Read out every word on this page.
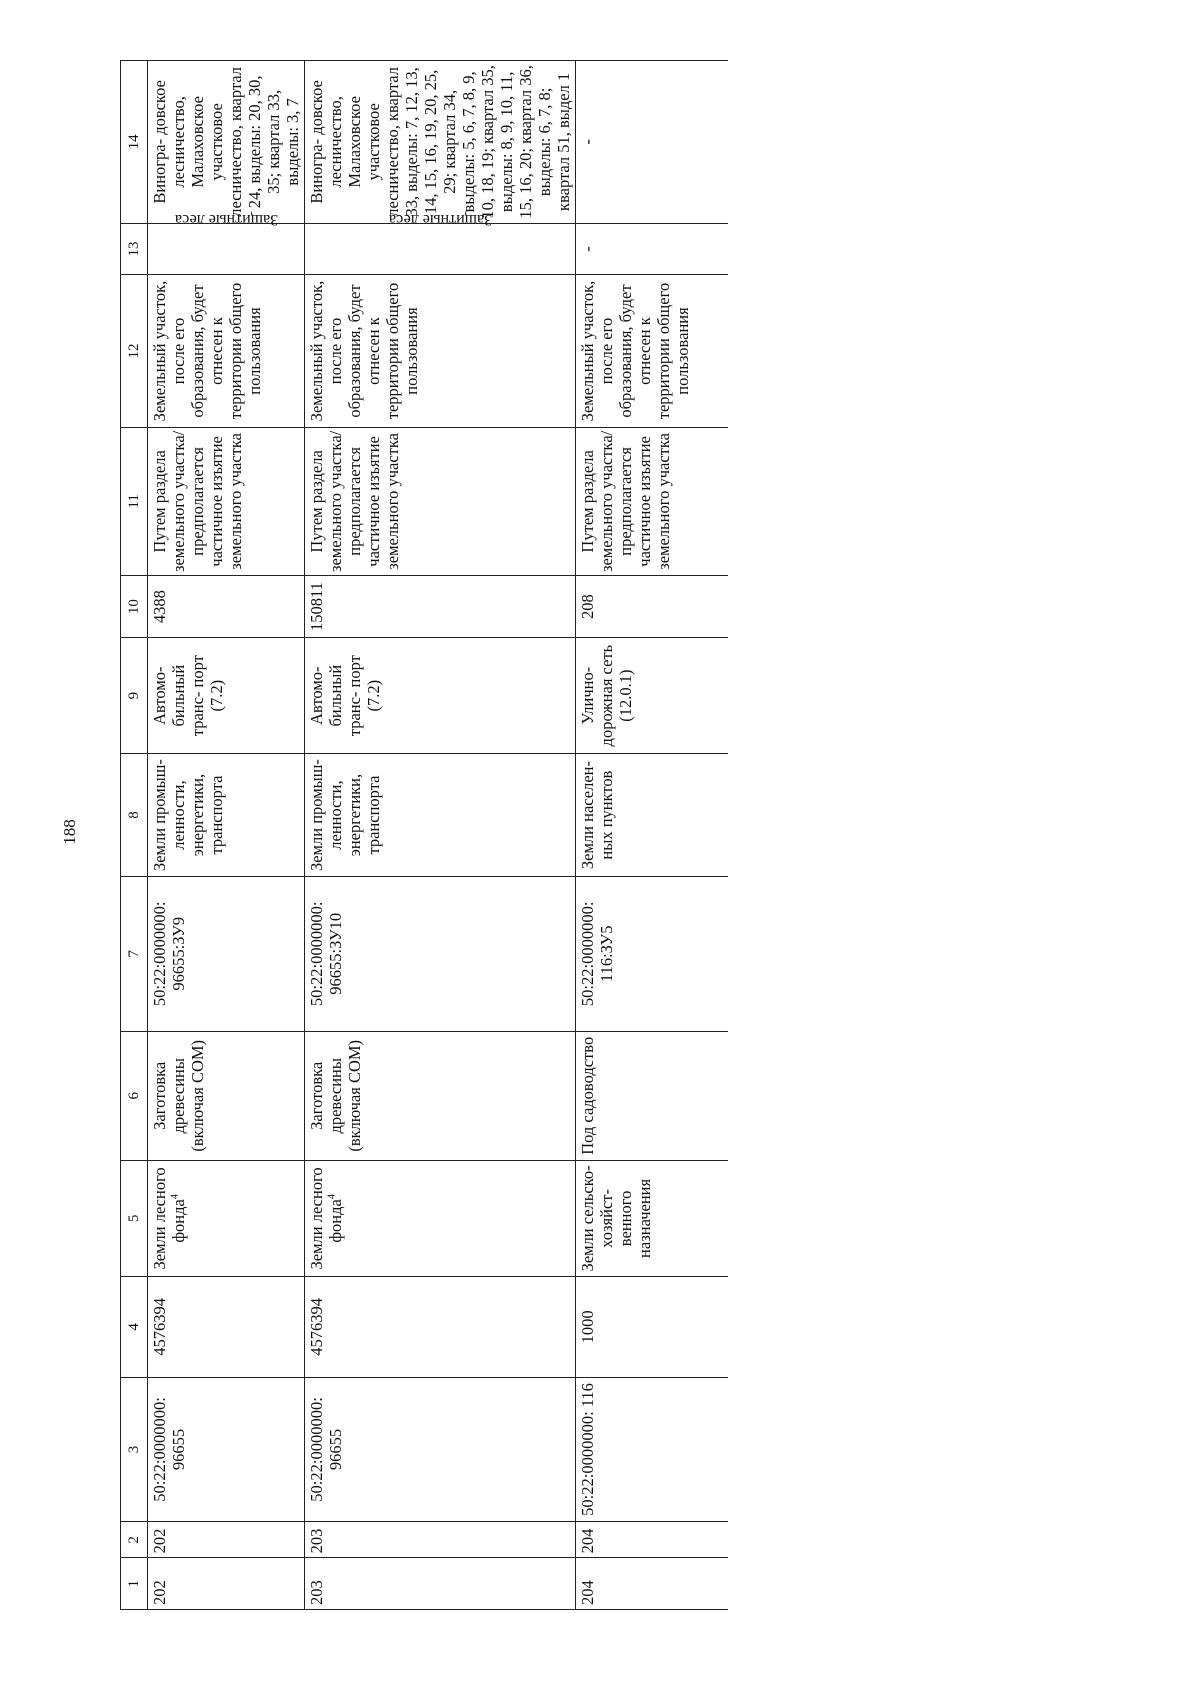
188
1	2	3	4	5	6	7	8	9	10	11	12	13	14
202	202	50:22:0000000: 96655	4576394	Земли лесного фонда$^4$	Заготовка древесины (включая СОМ)	50:22:0000000: 96655:ЗУ9	Земли промыш- ленности, энергетики, транспорта	Автомо- бильный транс- порт (7.2)	4388	Путем раздела земельного участка/ предполагается частичное изъятие земельного участка	Земельный участок, после его образования, будет отнесен к территории общего пользования	Защитные леса	Виногра- довское лесничество, Малаховское участковое лесничество, квартал 24, выделы: 20, 30, 35; квартал 33, выделы: 3, 7
203	203	50:22:0000000: 96655	4576394	Земли лесного фонда$^4$	Заготовка древесины (включая СОМ)	50:22:0000000: 96655:ЗУ10	Земли промыш- ленности, энергетики, транспорта	Автомо- бильный транс- порт (7.2)	150811	Путем раздела земельного участка/ предполагается частичное изъятие земельного участка	Земельный участок, после его образования, будет отнесен к территории общего пользования	Защитные леса	Виногра- довское лесничество, Малаховское участковое лесничество, квартал 33, выделы: 7, 12, 13, 14, 15, 16, 19, 20, 25, 29; квартал 34, выделы: 5, 6, 7, 8, 9, 10, 18, 19; квартал 35, выделы: 8, 9, 10, 11, 15, 16, 20; квартал 36, выделы: 6, 7, 8; квартал 51, выдел 1
204	204	50:22:0000000: 116	1000	Земли сельско- хозяйст- венного назначения	Под садоводство	50:22:0000000: 116:ЗУ5	Земли населен- ных пунктов	Улично- дорожная сеть (12.0.1)	208	Путем раздела земельного участка/ предполагается частичное изъятие земельного участка	Земельный участок, после его образования, будет отнесен к территории общего пользования	-	-
